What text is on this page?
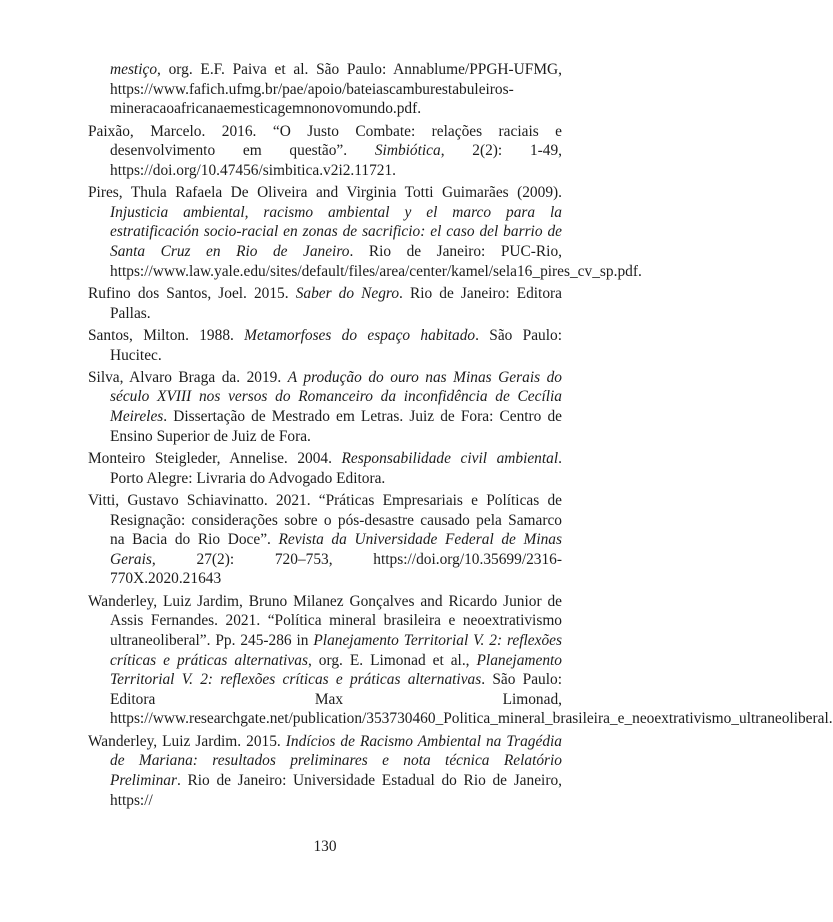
mestiço, org. E.F. Paiva et al. São Paulo: Annablume/PPGH-UFMG, https://www.fafich.ufmg.br/pae/apoio/bateiascamburestabuleiros-mineracaoafricanaemesticagemnonovomundo.pdf.

Paixão, Marcelo. 2016. “O Justo Combate: relações raciais e desenvolvimento em questão”. Simbiótica, 2(2): 1-49, https://doi.org/10.47456/simbitica.v2i2.11721.

Pires, Thula Rafaela De Oliveira and Virginia Totti Guimarães (2009). Injusticia ambiental, racismo ambiental y el marco para la estratificación socio-racial en zonas de sacrificio: el caso del barrio de Santa Cruz en Rio de Janeiro. Rio de Janeiro: PUC-Rio, https://www.law.yale.edu/sites/default/files/area/center/kamel/sela16_pires_cv_sp.pdf.

Rufino dos Santos, Joel. 2015. Saber do Negro. Rio de Janeiro: Editora Pallas.

Santos, Milton. 1988. Metamorfoses do espaço habitado. São Paulo: Hucitec.

Silva, Alvaro Braga da. 2019. A produção do ouro nas Minas Gerais do século XVIII nos versos do Romanceiro da inconfidência de Cecília Meireles. Dissertação de Mestrado em Letras. Juiz de Fora: Centro de Ensino Superior de Juiz de Fora.

Monteiro Steigleder, Annelise. 2004. Responsabilidade civil ambiental. Porto Alegre: Livraria do Advogado Editora.

Vitti, Gustavo Schiavinatto. 2021. “Práticas Empresariais e Políticas de Resignação: considerações sobre o pós-desastre causado pela Samarco na Bacia do Rio Doce”. Revista da Universidade Federal de Minas Gerais, 27(2): 720–753, https://doi.org/10.35699/2316-770X.2020.21643

Wanderley, Luiz Jardim, Bruno Milanez Gonçalves and Ricardo Junior de Assis Fernandes. 2021. “Política mineral brasileira e neoextrativismo ultraneoliberal”. Pp. 245-286 in Planejamento Territorial V. 2: reflexões críticas e práticas alternativas, org. E. Limonad et al., Planejamento Territorial V. 2: reflexões críticas e práticas alternativas. São Paulo: Editora Max Limonad, https://www.researchgate.net/publication/353730460_Politica_mineral_brasileira_e_neoextrativismo_ultraneoliberal.

Wanderley, Luiz Jardim. 2015. Indícios de Racismo Ambiental na Tragédia de Mariana: resultados preliminares e nota técnica Relatório Preliminar. Rio de Janeiro: Universidade Estadual do Rio de Janeiro, https://

130
